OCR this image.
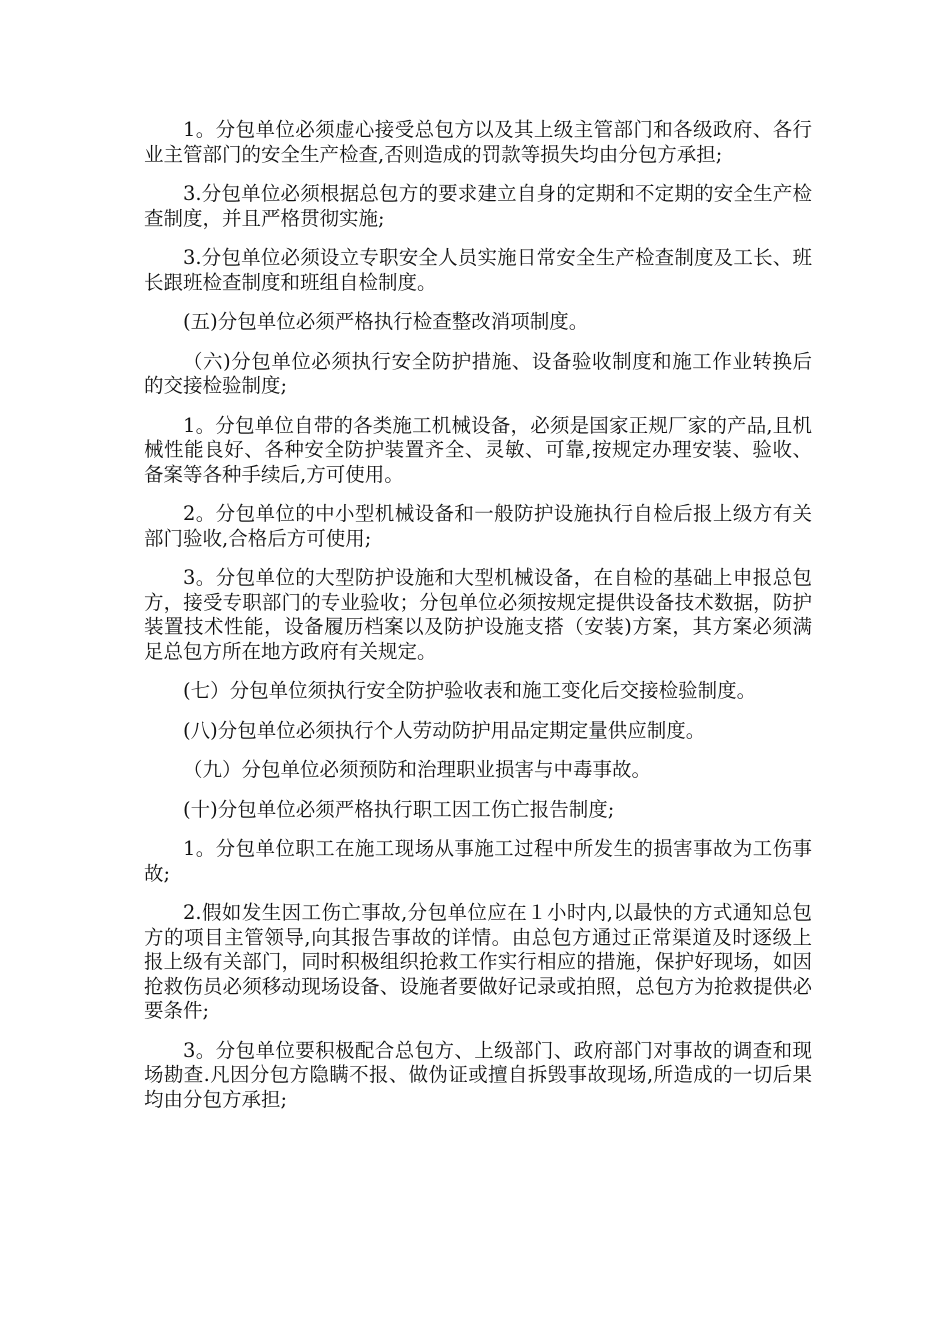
1。分包单位必须虚心接受总包方以及其上级主管部门和各级政府、各行业主管部门的安全生产检查,否则造成的罚款等损失均由分包方承担;

3.分包单位必须根据总包方的要求建立自身的定期和不定期的安全生产检查制度，并且严格贯彻实施;

3.分包单位必须设立专职安全人员实施日常安全生产检查制度及工长、班长跟班检查制度和班组自检制度。

(五)分包单位必须严格执行检查整改消项制度。

（六)分包单位必须执行安全防护措施、设备验收制度和施工作业转换后的交接检验制度;

1。分包单位自带的各类施工机械设备，必须是国家正规厂家的产品,且机械性能良好、各种安全防护装置齐全、灵敏、可靠,按规定办理安装、验收、备案等各种手续后,方可使用。

2。分包单位的中小型机械设备和一般防护设施执行自检后报上级方有关部门验收,合格后方可使用;

3。分包单位的大型防护设施和大型机械设备，在自检的基础上申报总包方，接受专职部门的专业验收；分包单位必须按规定提供设备技术数据，防护装置技术性能，设备履历档案以及防护设施支搭（安装)方案，其方案必须满足总包方所在地方政府有关规定。

(七）分包单位须执行安全防护验收表和施工变化后交接检验制度。

(八)分包单位必须执行个人劳动防护用品定期定量供应制度。

（九）分包单位必须预防和治理职业损害与中毒事故。

(十)分包单位必须严格执行职工因工伤亡报告制度;

1。分包单位职工在施工现场从事施工过程中所发生的损害事故为工伤事故;

2.假如发生因工伤亡事故,分包单位应在１小时内,以最快的方式通知总包方的项目主管领导,向其报告事故的详情。由总包方通过正常渠道及时逐级上报上级有关部门，同时积极组织抢救工作实行相应的措施，保护好现场，如因抢救伤员必须移动现场设备、设施者要做好记录或拍照，总包方为抢救提供必要条件;

3。分包单位要积极配合总包方、上级部门、政府部门对事故的调查和现场勘查.凡因分包方隐瞒不报、做伪证或擅自拆毁事故现场,所造成的一切后果均由分包方承担;
